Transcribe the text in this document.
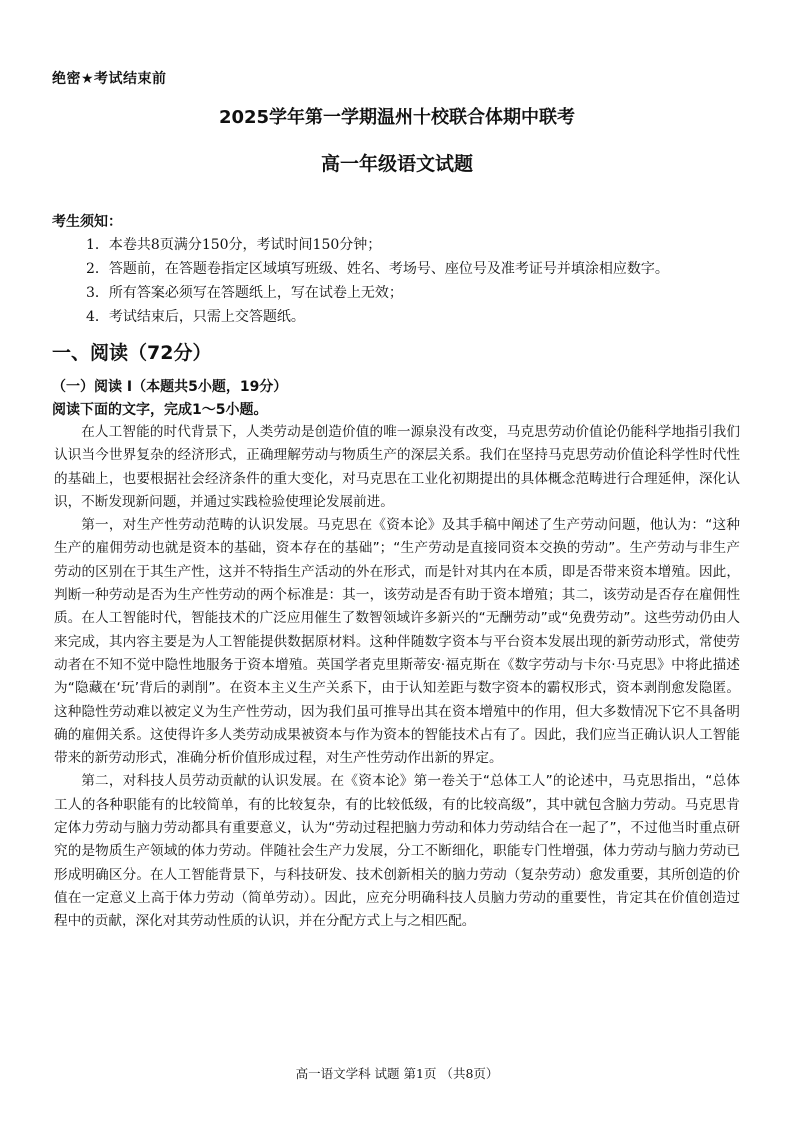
绝密★考试结束前
2025学年第一学期温州十校联合体期中联考
高一年级语文试题
考生须知：
1．本卷共8页满分150分，考试时间150分钟；
2．答题前，在答题卷指定区域填写班级、姓名、考场号、座位号及准考证号并填涂相应数字。
3．所有答案必须写在答题纸上，写在试卷上无效；
4．考试结束后，只需上交答题纸。
一、阅读（72分）
（一）阅读 I（本题共5小题，19分）
阅读下面的文字，完成1～5小题。

在人工智能的时代背景下，人类劳动是创造价值的唯一源泉没有改变，马克思劳动价值论仍能科学地指引我们认识当今世界复杂的经济形式，正确理解劳动与物质生产的深层关系。我们在坚持马克思劳动价值论科学性时代性的基础上，也要根据社会经济条件的重大变化，对马克思在工业化初期提出的具体概念范畴进行合理延伸，深化认识，不断发现新问题，并通过实践检验使理论发展前进。

第一，对生产性劳动范畴的认识发展。马克思在《资本论》及其手稿中阐述了生产劳动问题，他认为：“这种生产的雇佣劳动也就是资本的基础，资本存在的基础”；“生产劳动是直接同资本交换的劳动”。生产劳动与非生产劳动的区别在于其生产性，这并不特指生产活动的外在形式，而是针对其内在本质，即是否带来资本增殖。因此，判断一种劳动是否为生产性劳动的两个标准是：其一，该劳动是否有助于资本增殖；其二，该劳动是否存在雇佣性质。在人工智能时代，智能技术的广泛应用催生了数智领域许多新兴的“无酬劳动”或“免费劳动”。这些劳动仍由人来完成，其内容主要是为人工智能提供数据原材料。这种伴随数字资本与平台资本发展出现的新劳动形式，常使劳动者在不知不觉中隐性地服务于资本增殖。英国学者克里斯蒂安·福克斯在《数字劳动与卡尔·马克思》中将此描述为“隐藏在‘玩’背后的剥削”。在资本主义生产关系下，由于认知差距与数字资本的霸权形式，资本剥削愈发隐匿。这种隐性劳动难以被定义为生产性劳动，因为我们虽可推导出其在资本增殖中的作用，但大多数情况下它不具备明确的雇佣关系。这使得许多人类劳动成果被资本与作为资本的智能技术占有了。因此，我们应当正确认识人工智能带来的新劳动形式，准确分析价值形成过程，对生产性劳动作出新的界定。

第二，对科技人员劳动贡献的认识发展。在《资本论》第一卷关于“总体工人”的论述中，马克思指出，“总体工人的各种职能有的比较简单，有的比较复杂，有的比较低级，有的比较高级”，其中就包含脑力劳动。马克思肯定体力劳动与脑力劳动都具有重要意义，认为“劳动过程把脑力劳动和体力劳动结合在一起了”，不过他当时重点研究的是物质生产领域的体力劳动。伴随社会生产力发展，分工不断细化，职能专门性增强，体力劳动与脑力劳动已形成明确区分。在人工智能背景下，与科技研发、技术创新相关的脑力劳动（复杂劳动）愈发重要，其所创造的价值在一定意义上高于体力劳动（简单劳动）。因此，应充分明确科技人员脑力劳动的重要性，肯定其在价值创造过程中的贡献，深化对其劳动性质的认识，并在分配方式上与之相匹配。

高一语文学科 试题 第1页 （共8页）
